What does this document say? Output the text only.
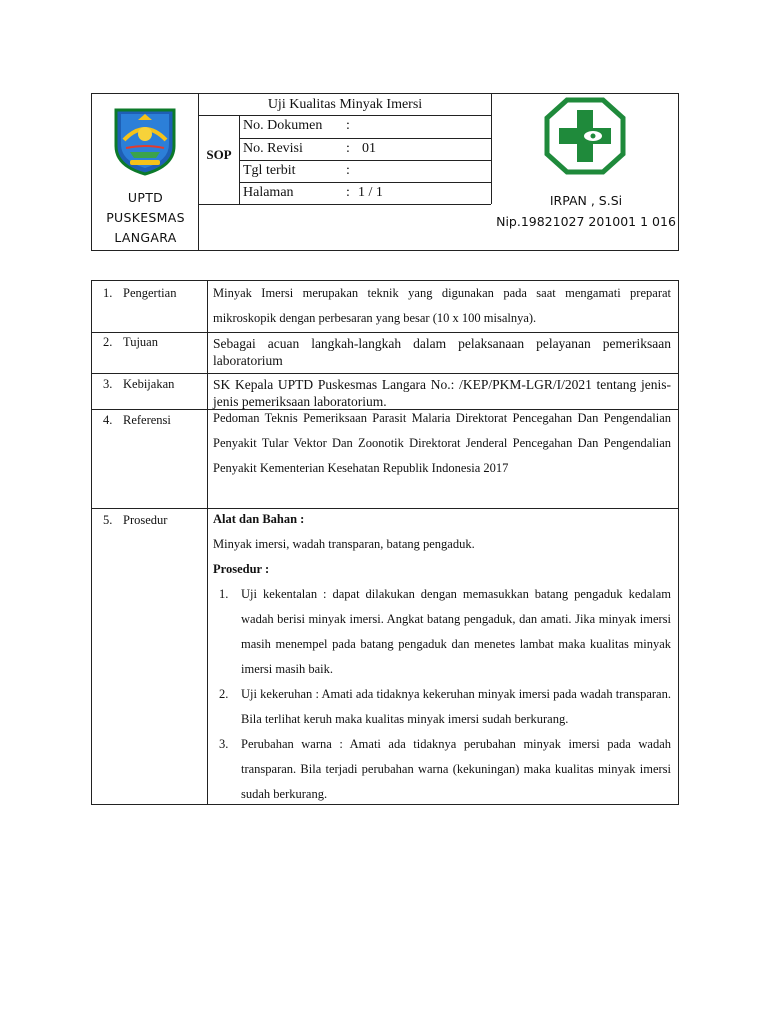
UPTD
PUSKESMAS
LANGARA
Uji Kualitas Minyak Imersi
SOP
No. Dokumen :
No. Revisi	: 01
Tgl terbit	:
Halaman	: 1 / 1
IRPAN , S.Si
Nip.19821027 201001 1 016
1. Pengertian	Minyak Imersi merupakan teknik yang digunakan pada saat mengamati preparat mikroskopik dengan perbesaran yang besar (10 x 100 misalnya).
2. Tujuan	Sebagai acuan langkah-langkah dalam pelaksanaan pelayanan pemeriksaan laboratorium
3. Kebijakan	SK Kepala UPTD Puskesmas Langara No.: /KEP/PKM-LGR/I/2021 tentang jenis-jenis pemeriksaan laboratorium.
4. Referensi	Pedoman Teknis Pemeriksaan Parasit Malaria Direktorat Pencegahan Dan Pengendalian Penyakit Tular Vektor Dan Zoonotik Direktorat Jenderal Pencegahan Dan Pengendalian Penyakit Kementerian Kesehatan Republik Indonesia 2017
5. Prosedur	Alat dan Bahan :

Minyak imersi, wadah transparan, batang pengaduk.

Prosedur :

1. Uji kekentalan : dapat dilakukan dengan memasukkan batang pengaduk kedalam wadah berisi minyak imersi. Angkat batang pengaduk, dan amati. Jika minyak imersi masih menempel pada batang pengaduk dan menetes lambat maka kualitas minyak imersi masih baik.
2. Uji kekeruhan : Amati ada tidaknya kekeruhan minyak imersi pada wadah transparan. Bila terlihat keruh maka kualitas minyak imersi sudah berkurang.
3. Perubahan warna : Amati ada tidaknya perubahan minyak imersi pada wadah transparan. Bila terjadi perubahan warna (kekuningan) maka kualitas minyak imersi sudah berkurang.
